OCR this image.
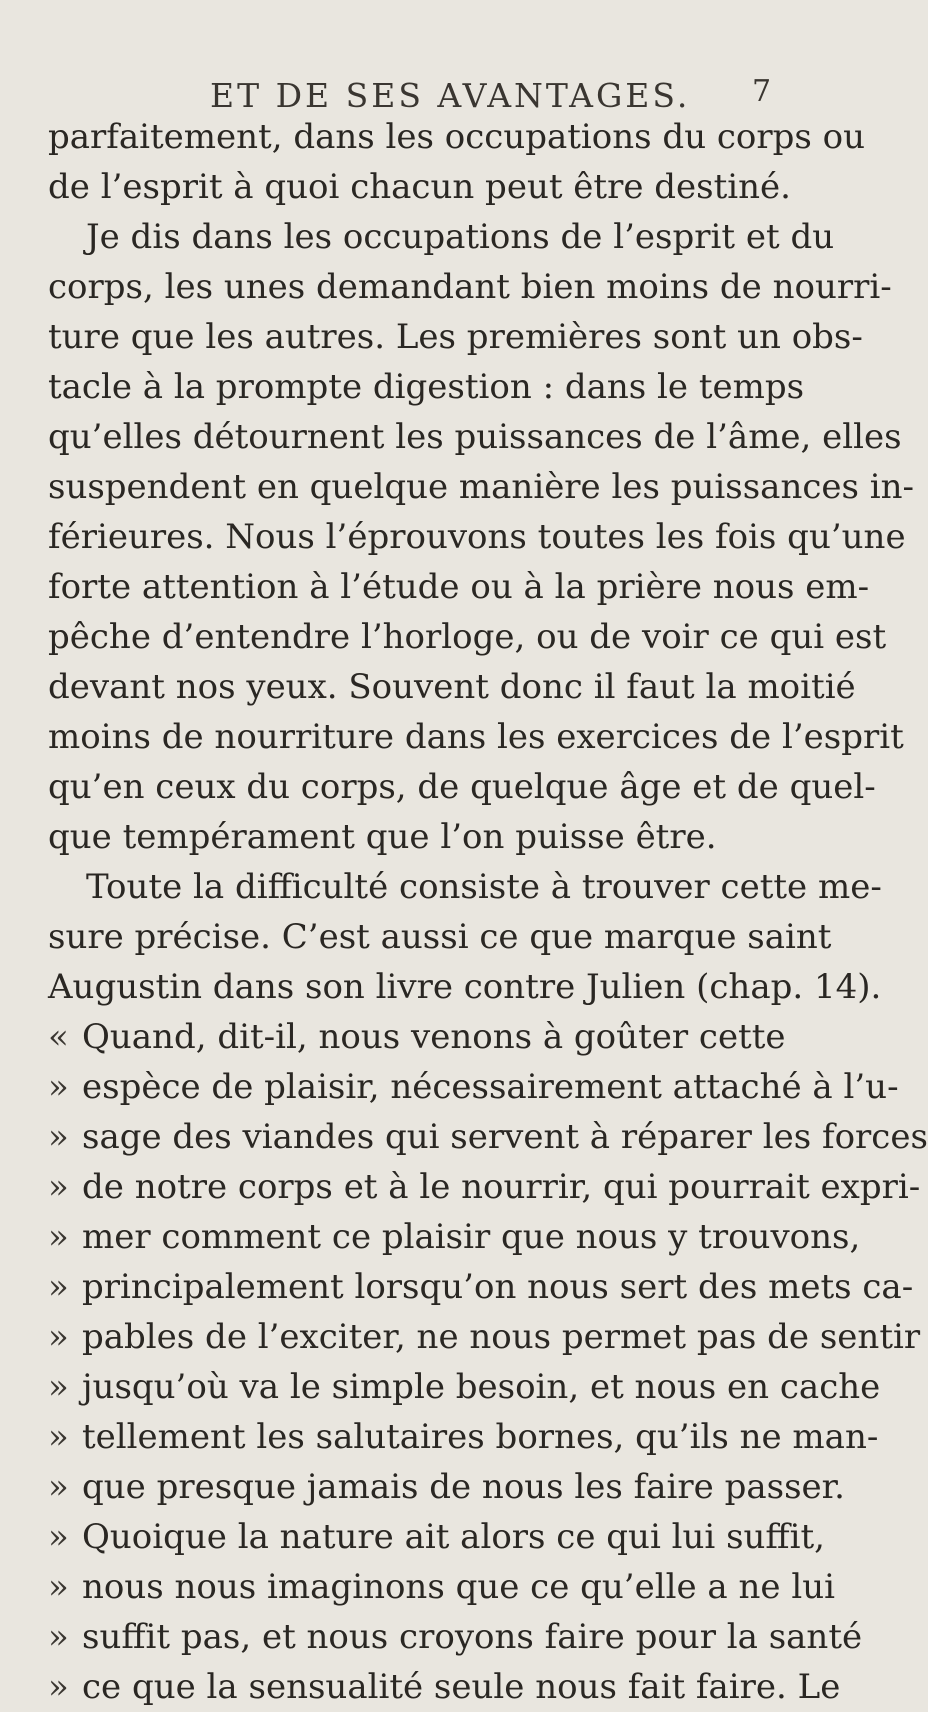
ET DE SES AVANTAGES. 7
parfaitement, dans les occupations du corps ou
de l’esprit à quoi chacun peut être destiné.
Je dis dans les occupations de l’esprit et du
corps, les unes demandant bien moins de nourri-
ture que les autres. Les premières sont un obs-
tacle à la prompte digestion : dans le temps
qu’elles détournent les puissances de l’âme, elles
suspendent en quelque manière les puissances in-
férieures. Nous l’éprouvons toutes les fois qu’une
forte attention à l’étude ou à la prière nous em-
pêche d’entendre l’horloge, ou de voir ce qui est
devant nos yeux. Souvent donc il faut la moitié
moins de nourriture dans les exercices de l’esprit
qu’en ceux du corps, de quelque âge et de quel-
que tempérament que l’on puisse être.
Toute la difficulté consiste à trouver cette me-
sure précise. C’est aussi ce que marque saint
Augustin dans son livre contre Julien (chap. 14).
« Quand, dit-il, nous venons à goûter cette
» espèce de plaisir, nécessairement attaché à l’u-
» sage des viandes qui servent à réparer les forces
» de notre corps et à le nourrir, qui pourrait expri-
» mer comment ce plaisir que nous y trouvons,
» principalement lorsqu’on nous sert des mets ca-
» pables de l’exciter, ne nous permet pas de sentir
» jusqu’où va le simple besoin, et nous en cache
» tellement les salutaires bornes, qu’ils ne man-
» que presque jamais de nous les faire passer.
» Quoique la nature ait alors ce qui lui suffit,
» nous nous imaginons que ce qu’elle a ne lui
» suffit pas, et nous croyons faire pour la santé
» ce que la sensualité seule nous fait faire. Le
